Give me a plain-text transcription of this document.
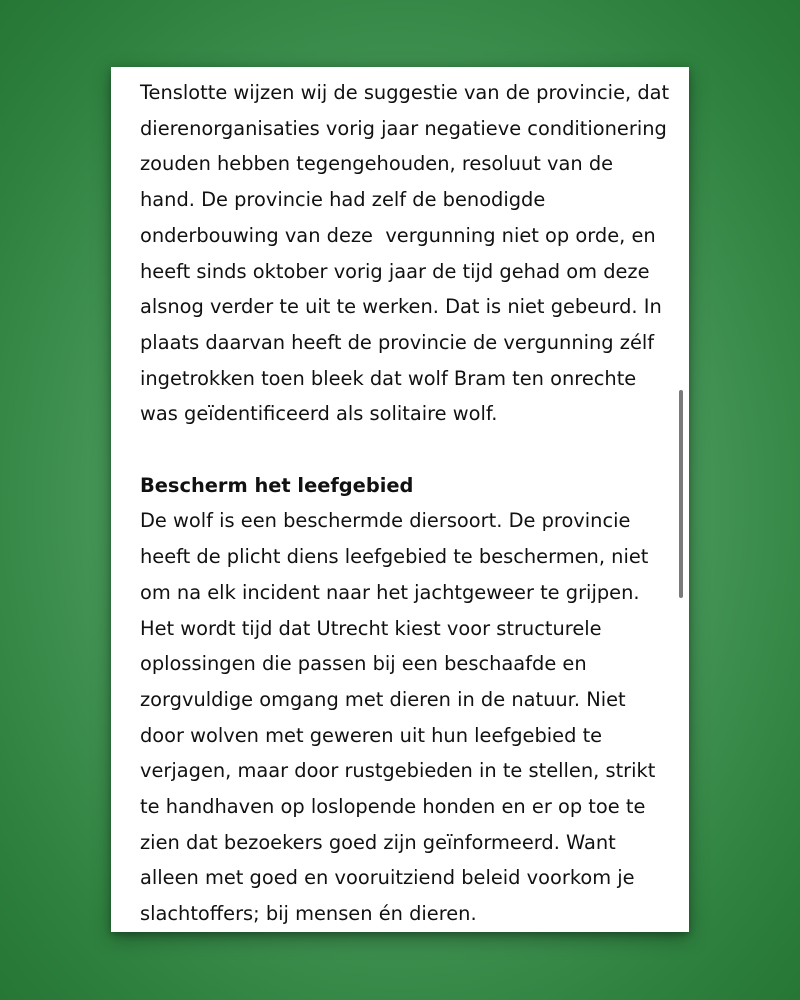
Tenslotte wijzen wij de suggestie van de provincie, dat dierenorganisaties vorig jaar negatieve conditionering zouden hebben tegengehouden, resoluut van de hand. De provincie had zelf de benodigde onderbouwing van deze  vergunning niet op orde, en heeft sinds oktober vorig jaar de tijd gehad om deze alsnog verder te uit te werken. Dat is niet gebeurd. In plaats daarvan heeft de provincie de vergunning zélf ingetrokken toen bleek dat wolf Bram ten onrechte was geïdentificeerd als solitaire wolf.

Bescherm het leefgebied

De wolf is een beschermde diersoort. De provincie heeft de plicht diens leefgebied te beschermen, niet om na elk incident naar het jachtgeweer te grijpen. Het wordt tijd dat Utrecht kiest voor structurele oplossingen die passen bij een beschaafde en zorgvuldige omgang met dieren in de natuur. Niet door wolven met geweren uit hun leefgebied te verjagen, maar door rustgebieden in te stellen, strikt te handhaven op loslopende honden en er op toe te zien dat bezoekers goed zijn geïnformeerd. Want alleen met goed en vooruitziend beleid voorkom je slachtoffers; bij mensen én dieren.
